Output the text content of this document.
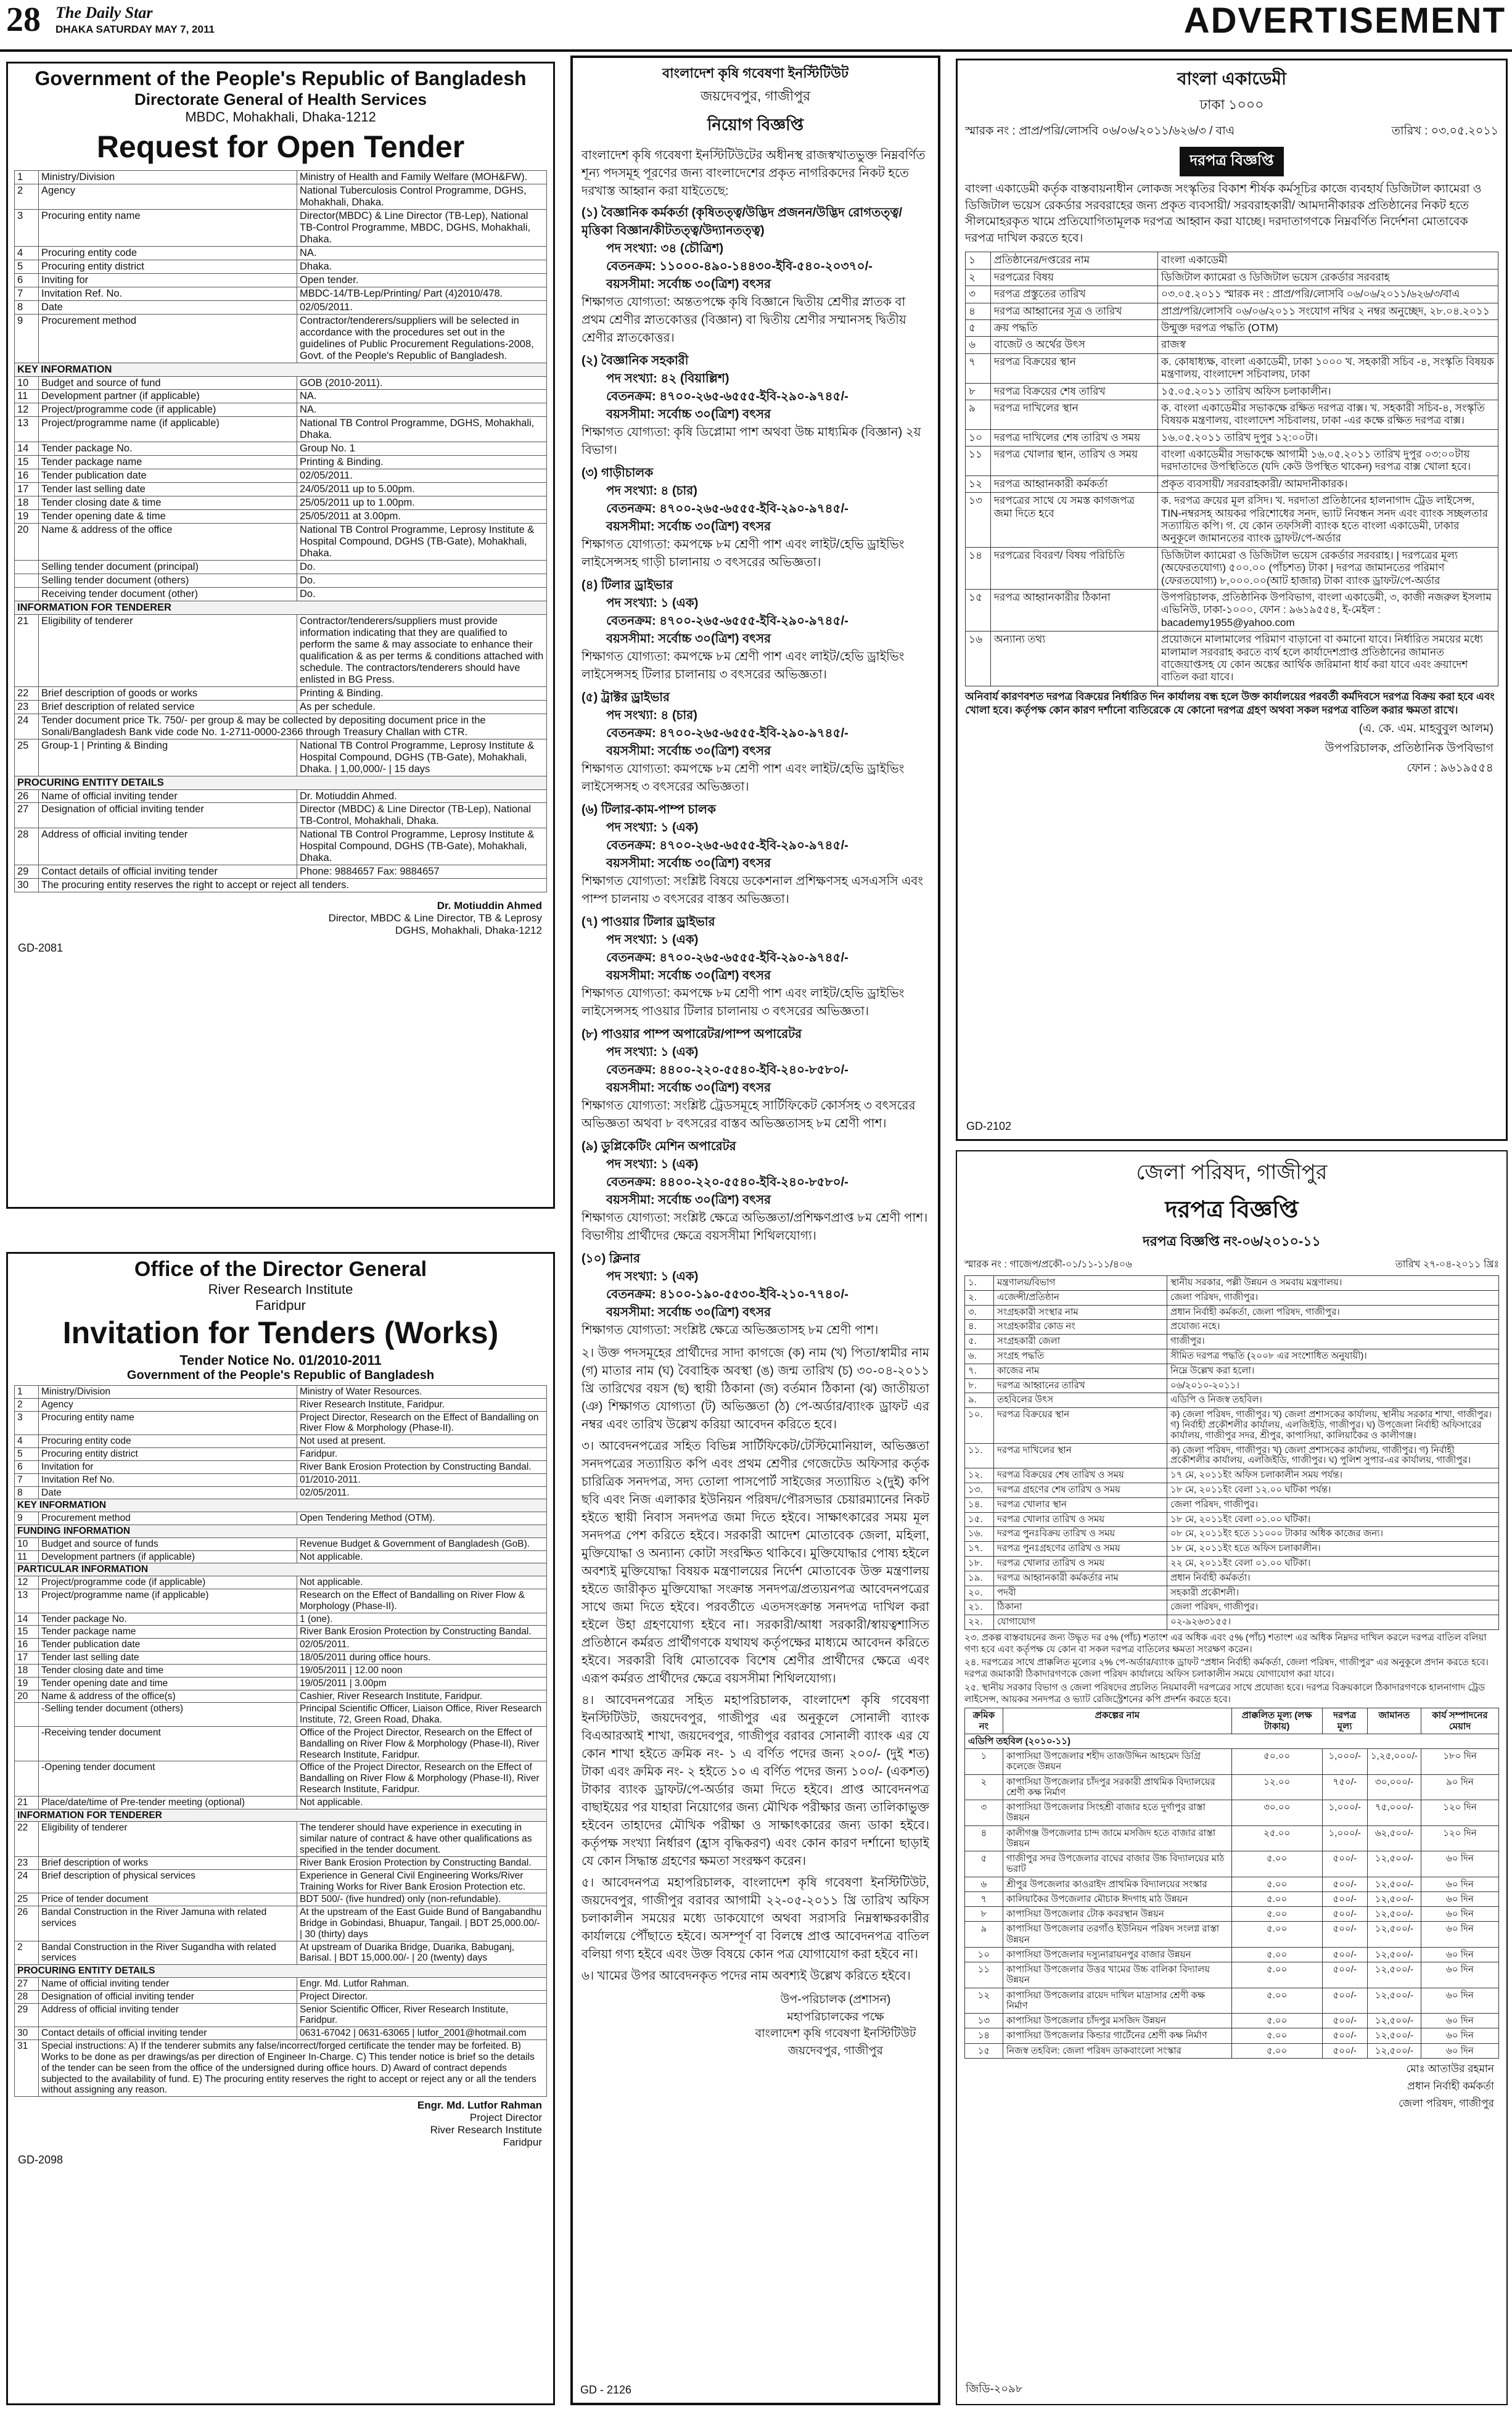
28 The Daily Star
DHAKA SATURDAY MAY 7, 2011	ADVERTISEMENT
Government of the People's Republic of Bangladesh
Directorate General of Health Services
MBDC, Mohakhali, Dhaka-1212
Request for Open Tender
1	Ministry/Division	Ministry of Health and Family Welfare (MOH&FW).
2	Agency	National Tuberculosis Control Programme, DGHS, Mohakhali, Dhaka.
3	Procuring entity name	Director(MBDC) & Line Director (TB-Lep), National TB-Control Programme, MBDC, DGHS, Mohakhali, Dhaka.
4	Procuring entity code	NA.
5	Procuring entity district	Dhaka.
6	Inviting for	Open tender.
7	Invitation Ref. No.	MBDC-14/TB-Lep/Printing/ Part (4)2010/478.
8	Date	02/05/2011.
9	Procurement method	Contractor/tenderers/suppliers will be selected in accordance with the procedures set out in the guidelines of Public Procurement Regulations-2008, Govt. of the People's Republic of Bangladesh.
KEY INFORMATION		
10	Budget and source of fund	GOB (2010-2011).
11	Development partner (if applicable)	NA.
12	Project/programme code (if applicable)	NA.
13	Project/programme name (if applicable)	National TB Control Programme, DGHS, Mohakhali, Dhaka.
14	Tender package No.	Group No. 1
15	Tender package name	Printing & Binding.
16	Tender publication date	02/05/2011.
17	Tender last selling date	24/05/2011 up to 5.00pm.
18	Tender closing date & time	25/05/2011 up to 1.00pm.
19	Tender opening date & time	25/05/2011 at 3.00pm.
20	Name & address of the office	National TB Control Programme, Leprosy Institute & Hospital Compound, DGHS (TB-Gate), Mohakhali, Dhaka.
	Selling tender document (principal)	Do.
	Selling tender document (others)	Do.
	Receiving tender document (other)	Do.
INFORMATION FOR TENDERER		
21	Eligibility of tenderer	Contractor/tenderers/suppliers must provide information indicating that they are qualified to perform the same & may associate to enhance their qualification & as per terms & conditions attached with schedule. The contractors/tenderers should have enlisted in BG Press.
22	Brief description of goods or works	Printing & Binding.
23	Brief description of related service	As per schedule.
24	Tender document price Tk. 750/- per group & may be collected by depositing document price in the Sonali/Bangladesh Bank vide code No. 1-2711-0000-2366 through Treasury Challan with CTR.	
25	Group-1 | Printing & Binding	National TB Control Programme, Leprosy Institute & Hospital Compound, DGHS (TB-Gate), Mohakhali, Dhaka. | 1,00,000/- | 15 days
PROCURING ENTITY DETAILS		
26	Name of official inviting tender	Dr. Motiuddin Ahmed.
27	Designation of official inviting tender	Director (MBDC) & Line Director (TB-Lep), National TB-Control, Mohakhali, Dhaka.
28	Address of official inviting tender	National TB Control Programme, Leprosy Institute & Hospital Compound, DGHS (TB-Gate), Mohakhali, Dhaka.
29	Contact details of official inviting tender	Phone: 9884657 Fax: 9884657
30	The procuring entity reserves the right to accept or reject all tenders.	
Dr. Motiuddin Ahmed
Director, MBDC & Line Director, TB & Leprosy
DGHS, Mohakhali, Dhaka-1212
GD-2081
Office of the Director General
River Research Institute
Faridpur
Invitation for Tenders (Works)
Tender Notice No. 01/2010-2011
Government of the People's Republic of Bangladesh
1	Ministry/Division	Ministry of Water Resources.
2	Agency	River Research Institute, Faridpur.
3	Procuring entity name	Project Director, Research on the Effect of Bandalling on River Flow & Morphology (Phase-II).
4	Procuring entity code	Not used at present.
5	Procuring entity district	Faridpur.
6	Invitation for	River Bank Erosion Protection by Constructing Bandal.
7	Invitation Ref No.	01/2010-2011.
8	Date	02/05/2011.
KEY INFORMATION		
9	Procurement method	Open Tendering Method (OTM).
FUNDING INFORMATION		
10	Budget and source of funds	Revenue Budget & Government of Bangladesh (GoB).
11	Development partners (if applicable)	Not applicable.
PARTICULAR INFORMATION		
12	Project/programme code (if applicable)	Not applicable.
13	Project/programme name (if applicable)	Research on the Effect of Bandalling on River Flow & Morphology (Phase-II).
14	Tender package No.	1 (one).
15	Tender package name	River Bank Erosion Protection by Constructing Bandal.
16	Tender publication date	02/05/2011.
17	Tender last selling date	18/05/2011 during office hours.
18	Tender closing date and time	19/05/2011 | 12.00 noon
19	Tender opening date and time	19/05/2011 | 3.00pm
20	Name & address of the office(s)	Cashier, River Research Institute, Faridpur.
	-Selling tender document (others)	Principal Scientific Officer, Liaison Office, River Research Institute, 72, Green Road, Dhaka.
	-Receiving tender document	Office of the Project Director, Research on the Effect of Bandalling on River Flow & Morphology (Phase-II), River Research Institute, Faridpur.
	-Opening tender document	Office of the Project Director, Research on the Effect of Bandalling on River Flow & Morphology (Phase-II), River Research Institute, Faridpur.
21	Place/date/time of Pre-tender meeting (optional)	Not applicable.
INFORMATION FOR TENDERER		
22	Eligibility of tenderer	The tenderer should have experience in executing in similar nature of contract & have other qualifications as specified in the tender document.
23	Brief description of works	River Bank Erosion Protection by Constructing Bandal.
24	Brief description of physical services	Experience in General Civil Engineering Works/River Training Works for River Bank Erosion Protection etc.
25	Price of tender document	BDT 500/- (five hundred) only (non-refundable).
26	Bandal Construction in the River Jamuna with related services	At the upstream of the East Guide Bund of Bangabandhu Bridge in Gobindasi, Bhuapur, Tangail. | BDT 25,000.00/- | 30 (thirty) days
2	Bandal Construction in the River Sugandha with related services	At upstream of Duarika Bridge, Duarika, Babuganj, Barisal. | BDT 15,000.00/- | 20 (twenty) days
PROCURING ENTITY DETAILS		
27	Name of official inviting tender	Engr. Md. Lutfor Rahman.
28	Designation of official inviting tender	Project Director.
29	Address of official inviting tender	Senior Scientific Officer, River Research Institute, Faridpur.
30	Contact details of official inviting tender	0631-67042 | 0631-63065 | lutfor_2001@hotmail.com
31	Special instructions: A) If the tenderer submits any false/incorrect/forged certificate the tender may be forfeited. B) Works to be done as per drawings/as per direction of Engineer In-Charge. C) This tender notice is brief so the details of the tender can be seen from the office of the undersigned during office hours. D) Award of contract depends subjected to the availability of fund. E) The procuring entity reserves the right to accept or reject any or all the tenders without assigning any reason.	
Engr. Md. Lutfor Rahman
Project Director
River Research Institute
Faridpur
GD-2098
বাংলাদেশ কৃষি গবেষণা ইনস্টিটিউট
জয়দেবপুর, গাজীপুর
নিয়োগ বিজ্ঞপ্তি

বাংলাদেশ কৃষি গবেষণা ইনস্টিটিউটের অধীনস্থ রাজস্বখাতভুক্ত নিম্নবর্ণিত শূন্য পদসমূহ পূরণের জন্য বাংলাদেশের প্রকৃত নাগরিকদের নিকট হতে দরখাস্ত আহ্বান করা যাইতেছে:

(১) বৈজ্ঞানিক কর্মকর্তা (কৃষিতত্ত্ব/উদ্ভিদ প্রজনন/উদ্ভিদ রোগতত্ত্ব/মৃত্তিকা বিজ্ঞান/কীটতত্ত্ব/উদ্যানতত্ত্ব)
পদ সংখ্যা: ৩৪ (চৌত্রিশ)
বেতনক্রম: ১১০০০-৪৯০-১৪৪৩০-ইবি-৫৪০-২০৩৭০/-
বয়সসীমা: সর্বোচ্চ ৩০(ত্রিশ) বৎসর
শিক্ষাগত যোগ্যতা: অন্ততপক্ষে কৃষি বিজ্ঞানে দ্বিতীয় শ্রেণীর স্নাতক বা প্রথম শ্রেণীর স্নাতকোত্তর (বিজ্ঞান) বা দ্বিতীয় শ্রেণীর সম্মানসহ দ্বিতীয় শ্রেণীর স্নাতকোত্তর।
(২) বৈজ্ঞানিক সহকারী
পদ সংখ্যা: ৪২ (বিয়াল্লিশ)
বেতনক্রম: ৪৭০০-২৬৫-৬৫৫৫-ইবি-২৯০-৯৭৪৫/-
বয়সসীমা: সর্বোচ্চ ৩০(ত্রিশ) বৎসর
শিক্ষাগত যোগ্যতা: কৃষি ডিপ্লোমা পাশ অথবা উচ্চ মাধ্যমিক (বিজ্ঞান) ২য় বিভাগ।
(৩) গাড়ীচালক
পদ সংখ্যা: ৪ (চার)
বেতনক্রম: ৪৭০০-২৬৫-৬৫৫৫-ইবি-২৯০-৯৭৪৫/-
বয়সসীমা: সর্বোচ্চ ৩০(ত্রিশ) বৎসর
শিক্ষাগত যোগ্যতা: কমপক্ষে ৮ম শ্রেণী পাশ এবং লাইট/হেভি ড্রাইভিং লাইসেন্সসহ গাড়ী চালানায় ৩ বৎসরের অভিজ্ঞতা।
(৪) টিলার ড্রাইভার
পদ সংখ্যা: ১ (এক)
বেতনক্রম: ৪৭০০-২৬৫-৬৫৫৫-ইবি-২৯০-৯৭৪৫/-
বয়সসীমা: সর্বোচ্চ ৩০(ত্রিশ) বৎসর
শিক্ষাগত যোগ্যতা: কমপক্ষে ৮ম শ্রেণী পাশ এবং লাইট/হেভি ড্রাইভিং লাইসেন্সসহ টিলার চালানায় ৩ বৎসরের অভিজ্ঞতা।
(৫) ট্রাক্টর ড্রাইভার
পদ সংখ্যা: ৪ (চার)
বেতনক্রম: ৪৭০০-২৬৫-৬৫৫৫-ইবি-২৯০-৯৭৪৫/-
বয়সসীমা: সর্বোচ্চ ৩০(ত্রিশ) বৎসর
শিক্ষাগত যোগ্যতা: কমপক্ষে ৮ম শ্রেণী পাশ এবং লাইট/হেভি ড্রাইভিং লাইসেন্সসহ ৩ বৎসরের অভিজ্ঞতা।
(৬) টিলার-কাম-পাম্প চালক
পদ সংখ্যা: ১ (এক)
বেতনক্রম: ৪৭০০-২৬৫-৬৫৫৫-ইবি-২৯০-৯৭৪৫/-
বয়সসীমা: সর্বোচ্চ ৩০(ত্রিশ) বৎসর
শিক্ষাগত যোগ্যতা: সংশ্লিষ্ট বিষয়ে ডকেশনাল প্রশিক্ষণসহ এসএসসি এবং পাম্প চালনায় ৩ বৎসরের বাস্তব অভিজ্ঞতা।
(৭) পাওয়ার টিলার ড্রাইভার
পদ সংখ্যা: ১ (এক)
বেতনক্রম: ৪৭০০-২৬৫-৬৫৫৫-ইবি-২৯০-৯৭৪৫/-
বয়সসীমা: সর্বোচ্চ ৩০(ত্রিশ) বৎসর
শিক্ষাগত যোগ্যতা: কমপক্ষে ৮ম শ্রেণী পাশ এবং লাইট/হেভি ড্রাইভিং লাইসেন্সসহ পাওয়ার টিলার চালানায় ৩ বৎসরের অভিজ্ঞতা।
(৮) পাওয়ার পাম্প অপারেটর/পাম্প অপারেটর
পদ সংখ্যা: ১ (এক)
বেতনক্রম: ৪৪০০-২২০-৫৫৪০-ইবি-২৪০-৮৫৮০/-
বয়সসীমা: সর্বোচ্চ ৩০(ত্রিশ) বৎসর
শিক্ষাগত যোগ্যতা: সংশ্লিষ্ট ট্রেডসমূহে সার্টিফিকেট কোর্সসহ ৩ বৎসরের অভিজ্ঞতা অথবা ৮ বৎসরের বাস্তব অভিজ্ঞতাসহ ৮ম শ্রেণী পাশ।
(৯) ডুপ্লিকেটিং মেশিন অপারেটর
পদ সংখ্যা: ১ (এক)
বেতনক্রম: ৪৪০০-২২০-৫৫৪০-ইবি-২৪০-৮৫৮০/-
বয়সসীমা: সর্বোচ্চ ৩০(ত্রিশ) বৎসর
শিক্ষাগত যোগ্যতা: সংশ্লিষ্ট ক্ষেত্রে অভিজ্ঞতা/প্রশিক্ষণপ্রাপ্ত ৮ম শ্রেণী পাশ। বিভাগীয় প্রার্থীদের ক্ষেত্রে বয়সসীমা শিথিলযোগ্য।
(১০) ক্লিনার
পদ সংখ্যা: ১ (এক)
বেতনক্রম: ৪১০০-১৯০-৫৫৩০-ইবি-২১০-৭৭৪০/-
বয়সসীমা: সর্বোচ্চ ৩০(ত্রিশ) বৎসর
শিক্ষাগত যোগ্যতা: সংশ্লিষ্ট ক্ষেত্রে অভিজ্ঞতাসহ ৮ম শ্রেণী পাশ।

২। উক্ত পদসমূহের প্রার্থীদের সাদা কাগজে (ক) নাম (খ) পিতা/স্বামীর নাম (গ) মাতার নাম (ঘ) বৈবাহিক অবস্থা (ঙ) জন্ম তারিখ (চ) ৩০-০৪-২০১১ খ্রি তারিখের বয়স (ছ) স্থায়ী ঠিকানা (জ) বর্তমান ঠিকানা (ঝ) জাতীয়তা (ঞ) শিক্ষাগত যোগ্যতা (ট) অভিজ্ঞতা (ঠ) পে-অর্ডার/ব্যাংক ড্রাফট এর নম্বর এবং তারিখ উল্লেখ করিয়া আবেদন করিতে হবে।

৩। আবেদনপত্রের সহিত বিভিন্ন সার্টিফিকেট/টেস্টিমোনিয়াল, অভিজ্ঞতা সনদপত্রের সত্যায়িত কপি এবং প্রথম শ্রেণীর গেজেটেড অফিসার কর্তৃক চারিত্রিক সনদপত্র, সদ্য তোলা পাসপোর্ট সাইজের সত্যায়িত ২(দুই) কপি ছবি এবং নিজ এলাকার ইউনিয়ন পরিষদ/পৌরসভার চেয়ারম্যানের নিকট হইতে স্থায়ী নিবাস সনদপত্র জমা দিতে হইবে। সাক্ষাৎকারের সময় মূল সনদপত্র পেশ করিতে হইবে। সরকারী আদেশ মোতাবেক জেলা, মহিলা, মুক্তিযোদ্ধা ও অন্যান্য কোটা সংরক্ষিত থাকিবে। মুক্তিযোদ্ধার পোষ্য হইলে অবশ্যই মুক্তিযোদ্ধা বিষয়ক মন্ত্রণালয়ের নির্দেশ মোতাবেক উক্ত মন্ত্রণালয় হইতে জারীকৃত মুক্তিযোদ্ধা সংক্রান্ত সনদপত্র/প্রত্যয়নপত্র আবেদনপত্রের সাথে জমা দিতে হইবে। পরবর্তীতে এতদসংক্রান্ত সনদপত্র দাখিল করা হইলে উহা গ্রহণযোগ্য হইবে না। সরকারী/আধা সরকারী/স্বায়ত্বশাসিত প্রতিষ্ঠানে কর্মরত প্রার্থীগণকে যথাযথ কর্তৃপক্ষের মাধ্যমে আবেদন করিতে হইবে। সরকারী বিধি মোতাবেক বিশেষ শ্রেণীর প্রার্থীদের ক্ষেত্রে এবং এরূপ কর্মরত প্রার্থীদের ক্ষেত্রে বয়সসীমা শিথিলযোগ্য।

৪। আবেদনপত্রের সহিত মহাপরিচালক, বাংলাদেশ কৃষি গবেষণা ইনস্টিটিউট, জয়দেবপুর, গাজীপুর এর অনুকূলে সোনালী ব্যাংক বিএআরআই শাখা, জয়দেবপুর, গাজীপুর বরাবর সোনালী ব্যাংক এর যে কোন শাখা হইতে ক্রমিক নং- ১ এ বর্ণিত পদের জন্য ২০০/- (দুই শত) টাকা এবং ক্রমিক নং- ২ হইতে ১০ এ বর্ণিত পদের জন্য ১০০/- (একশত) টাকার ব্যাংক ড্রাফট/পে-অর্ডার জমা দিতে হইবে। প্রাপ্ত আবেদনপত্র বাছাইয়ের পর যাহারা নিয়োগের জন্য মৌখিক পরীক্ষার জন্য তালিকাভুক্ত হইবেন তাহাদের মৌখিক পরীক্ষা ও সাক্ষাৎকারের জন্য ডাকা হইবে। কর্তৃপক্ষ সংখ্যা নির্ধারণ (হ্রাস বৃদ্ধিকরণ) এবং কোন কারণ দর্শানো ছাড়াই যে কোন সিদ্ধান্ত গ্রহণের ক্ষমতা সংরক্ষণ করেন।

৫। আবেদনপত্র মহাপরিচালক, বাংলাদেশ কৃষি গবেষণা ইনস্টিটিউট, জয়দেবপুর, গাজীপুর বরাবর আগামী ২২-০৫-২০১১ খ্রি তারিখ অফিস চলাকালীন সময়ের মধ্যে ডাকযোগে অথবা সরাসরি নিম্নস্বাক্ষরকারীর কার্যালয়ে পৌঁছাতে হইবে। অসম্পূর্ণ বা বিলম্বে প্রাপ্ত আবেদনপত্র বাতিল বলিয়া গণ্য হইবে এবং উক্ত বিষয়ে কোন পত্র যোগাযোগ করা হইবে না।

৬। খামের উপর আবেদনকৃত পদের নাম অবশ্যই উল্লেখ করিতে হইবে।

উপ-পরিচালক (প্রশাসন)
মহাপরিচালকের পক্ষে
বাংলাদেশ কৃষি গবেষণা ইনস্টিটিউট
জয়দেবপুর, গাজীপুর
GD - 2126
বাংলা একাডেমী
ঢাকা ১০০০
স্মারক নং : প্রাপ্র/পরি/লোসবি ০৬/০৬/২০১১/৬২৬/৩ / বাএ	তারিখ : ০৩.০৫.২০১১
দরপত্র বিজ্ঞপ্তি
বাংলা একাডেমী কর্তৃক বাস্তবায়নাধীন লোকজ সংস্কৃতির বিকাশ শীর্ষক কর্মসূচির কাজে ব্যবহার্য ডিজিটাল ক্যামেরা ও ডিজিটাল ভয়েস রেকর্ডার সরবরাহের জন্য প্রকৃত ব্যবসায়ী/ সরবরাহকারী/ আমদানীকারক প্রতিষ্ঠানের নিকট হতে সীলমোহরকৃত খামে প্রতিযোগিতামূলক দরপত্র আহ্বান করা যাচ্ছে। দরদাতাগণকে নিম্নবর্ণিত নির্দেশনা মোতাবেক দরপত্র দাখিল করতে হবে।
১	প্রতিষ্ঠানের/দপ্তরের নাম	বাংলা একাডেমী
২	দরপত্রের বিষয়	ডিজিটাল ক্যামেরা ও ডিজিটাল ভয়েস রেকর্ডার সরবরাহ
৩	দরপত্র প্রস্তুতের তারিখ	০৩.০৫.২০১১ স্মারক নং : প্রাপ্র/পরি/লোসবি ০৬/০৬/২০১১/৬২৬/৩/বাএ
৪	দরপত্র আহ্বানের সূত্র ও তারিখ	প্রাপ্র/পরি/লোসবি ০৬/০৬/২০১১ সংযোগ নথির ২ নম্বর অনুচ্ছেদ, ২৮.০৪.২০১১
৫	ক্রয় পদ্ধতি	উন্মুক্ত দরপত্র পদ্ধতি (OTM)
৬	বাজেট ও অর্থের উৎস	রাজস্ব
৭	দরপত্র বিক্রয়ের স্থান	ক. কোষাধ্যক্ষ, বাংলা একাডেমী, ঢাকা ১০০০ খ. সহকারী সচিব -৪, সংস্কৃতি বিষয়ক মন্ত্রণালয়, বাংলাদেশ সচিবালয়, ঢাকা
৮	দরপত্র বিক্রয়ের শেষ তারিখ	১৫.০৫.২০১১ তারিখ অফিস চলাকালীন।
৯	দরপত্র দাখিলের স্থান	ক. বাংলা একাডেমীর সভাকক্ষে রক্ষিত দরপত্র বাক্স। খ. সহকারী সচিব-৪, সংস্কৃতি বিষয়ক মন্ত্রণালয়, বাংলাদেশ সচিবালয়, ঢাকা -এর কক্ষে রক্ষিত দরপত্র বাক্স।
১০	দরপত্র দাখিলের শেষ তারিখ ও সময়	১৬.০৫.২০১১ তারিখ দুপুর ১২:০০টা।
১১	দরপত্র খোলার স্থান, তারিখ ও সময়	বাংলা একাডেমীর সভাকক্ষে আগামী ১৬.০৫.২০১১ তারিখ দুপুর ০৩:০০টায় দরদাতাদের উপস্থিতিতে (যদি কেউ উপস্থিত থাকেন) দরপত্র বাক্স খোলা হবে।
১২	দরপত্র আহ্বানকারী কর্মকর্তা	প্রকৃত ব্যবসায়ী/ সরবরাহকারী/ আমদানীকারক।
১৩	দরপত্রের সাথে যে সমস্ত কাগজপত্র জমা দিতে হবে	ক. দরপত্র ক্রয়ের মূল রসিদ। খ. দরদাতা প্রতিষ্ঠানের হালনাগাদ ট্রেড লাইসেন্স, TIN-নম্বরসহ আয়কর পরিশোধের সনদ, ভ্যাট নিবন্ধন সনদ এবং ব্যাংক সচ্ছলতার সত্যায়িত কপি। গ. যে কোন তফসিলী ব্যাংক হতে বাংলা একাডেমী, ঢাকার অনুকূলে জামানতের ব্যাংক ড্রাফট/পে-অর্ডার
১৪	দরপত্রের বিবরণ/ বিষয় পরিচিতি	ডিজিটাল ক্যামেরা ও ডিজিটাল ভয়েস রেকর্ডার সরবরাহ। | দরপত্রের মূল্য (অফেরতযোগ্য) ৫০০.০০ (পাঁচশত) টাকা | দরপত্র জামানতের পরিমাণ (ফেরতযোগ্য) ৮,০০০.০০(আট হাজার) টাকা ব্যাংক ড্রাফট/পে-অর্ডার
১৫	দরপত্র আহ্বানকারীর ঠিকানা	উপপরিচালক, প্রতিষ্ঠানিক উপবিভাগ, বাংলা একাডেমী, ৩, কাজী নজরুল ইসলাম এভিনিউ, ঢাকা-১০০০, ফোন : ৯৬১৯৫৫৪, ই-মেইল : bacademy1955@yahoo.com
১৬	অন্যান্য তথ্য	প্রয়োজনে মালামালের পরিমাণ বাড়ানো বা কমানো যাবে। নির্ধারিত সময়ের মধ্যে মালামাল সরবরাহ করতে ব্যর্থ হলে কার্যাদেশপ্রাপ্ত প্রতিষ্ঠানের জামানত বাজেয়াপ্তসহ যে কোন অঙ্কের আর্থিক জরিমানা ধার্য করা যাবে এবং ক্রয়াদেশ বাতিল করা যাবে।
অনিবার্য কারণবশত দরপত্র বিক্রয়ের নির্ধারিত দিন কার্যালয় বন্ধ হলে উক্ত কার্যালয়ের পরবর্তী কর্মদিবসে দরপত্র বিক্রয় করা হবে এবং খোলা হবে। কর্তৃপক্ষ কোন কারণ দর্শানো ব্যতিরেকে যে কোনো দরপত্র গ্রহণ অথবা সকল দরপত্র বাতিল করার ক্ষমতা রাখে।
(এ. কে. এম. মাহবুবুল আলম)
উপপরিচালক, প্রতিষ্ঠানিক উপবিভাগ
ফোন : ৯৬১৯৫৫৪
GD-2102
জেলা পরিষদ, গাজীপুর
দরপত্র বিজ্ঞপ্তি
দরপত্র বিজ্ঞপ্তি নং-০৬/২০১০-১১
স্মারক নং : গাজেপ/প্রকৌ-০১/১১-১১/৪০৬	তারিখ ২৭-০৪-২০১১ খ্রিঃ
১.	মন্ত্রণালয়/বিভাগ	স্থানীয় সরকার, পল্লী উন্নয়ন ও সমবায় মন্ত্রণালয়।
২.	এজেন্সী/প্রতিষ্ঠান	জেলা পরিষদ, গাজীপুর।
৩.	সংগ্রহকারী সংস্থার নাম	প্রধান নির্বাহী কর্মকর্তা, জেলা পরিষদ, গাজীপুর।
৪.	সংগ্রহকারীর কোড নং	প্রযোজ্য নহে।
৫.	সংগ্রহকারী জেলা	গাজীপুর।
৬.	সংগ্রহ পদ্ধতি	সীমিত দরপত্র পদ্ধতি (২০০৮ এর সংশোধিত অনুযায়ী)।
৭.	কাজের নাম	নিম্নে উল্লেখ করা হলো।
৮.	দরপত্র আহ্বানের তারিখ	০৬/২০১০-২০১১।
৯.	তহবিলের উৎস	এডিপি ও নিজস্ব তহবিল।
১০.	দরপত্র বিক্রয়ের স্থান	ক) জেলা পরিষদ, গাজীপুর। খ) জেলা প্রশাসকের কার্যালয়, স্থানীয় সরকার শাখা, গাজীপুর। গ) নির্বাহী প্রকৌশলীর কার্যালয়, এলজিইডি, গাজীপুর। ঘ) উপজেলা নির্বাহী অফিসারের কার্যালয়, গাজীপুর সদর, শ্রীপুর, কাপাসিয়া, কালিয়াকৈর ও কালীগঞ্জ।
১১.	দরপত্র দাখিলের স্থান	ক) জেলা পরিষদ, গাজীপুর। খ) জেলা প্রশাসকের কার্যালয়, গাজীপুর। গ) নির্বাহী প্রকৌশলীর কার্যালয়, এলজিইডি, গাজীপুর। ঘ) পুলিশ সুপার-এর কার্যালয়, গাজীপুর।
১২.	দরপত্র বিক্রয়ের শেষ তারিখ ও সময়	১৭ মে, ২০১১ইং অফিস চলাকালীন সময় পর্যন্ত।
১৩.	দরপত্র গ্রহণের শেষ তারিখ ও সময়	১৮ মে, ২০১১ইং বেলা ১২.০০ ঘটিকা পর্যন্ত।
১৪.	দরপত্র খোলার স্থান	জেলা পরিষদ, গাজীপুর।
১৫.	দরপত্র খোলার তারিখ ও সময়	১৮ মে, ২০১১ইং বেলা ০১.০০ ঘটিকা।
১৬.	দরপত্র পুনঃবিক্রয় তারিখ ও সময়	০৮ মে, ২০১১ইং হতে ১১০০০ টাকার অধিক কাজের জন্য।
১৭.	দরপত্র পুনঃগ্রহণের তারিখ ও সময়	১৮ মে, ২০১১ইং হতে অফিস চলাকালীন।
১৮.	দরপত্র খোলার তারিখ ও সময়	২২ মে, ২০১১ইং বেলা ০১.০০ ঘটিকা।
১৯.	দরপত্র আহ্বানকারী কর্মকর্তার নাম	প্রধান নির্বাহী কর্মকর্তা।
২০.	পদবী	সহকারী প্রকৌশলী।
২১.	ঠিকানা	জেলা পরিষদ, গাজীপুর।
২২.	যোগাযোগ	০২-৯২৬৩১৫৫।
২৩. প্রকল্প বাস্তবায়নের জন্য উদ্ধৃত দর ৫% (পাঁচ) শতাংশ এর অধিক এবং ৫% (পাঁচ) শতাংশ এর অধিক নিম্নদর দাখিল করলে দরপত্র বাতিল বলিয়া গণ্য হবে এবং কর্তৃপক্ষ যে কোন বা সকল দরপত্র বাতিলের ক্ষমতা সংরক্ষণ করেন।
২৪. দরপত্রের সাথে প্রাক্কলিত মূল্যের ২% পে-অর্ডার/ব্যাংক ড্রাফট "প্রধান নির্বাহী কর্মকর্তা, জেলা পরিষদ, গাজীপুর" এর অনুকূলে প্রদান করতে হবে। দরপত্র জমাকারী ঠিকাদারগণকে জেলা পরিষদ কার্যালয়ে অফিস চলাকালীন সময়ে যোগাযোগ করা যাবে।
২৫. স্থানীয় সরকার বিভাগ ও জেলা পরিষদের প্রচলিত নিয়মাবলী দরপত্রের সাথে প্রযোজ্য হবে। দরপত্র বিক্রয়কালে ঠিকাদারগণকে হালনাগাদ ট্রেড লাইসেন্স, আয়কর সনদপত্র ও ভ্যাট রেজিস্ট্রেশনের কপি প্রদর্শন করতে হবে।
ক্রমিক নং	প্রকল্পের নাম	প্রাক্কলিত মূল্য (লক্ষ টাকায়)	দরপত্র মূল্য	জামানত	কার্য সম্পাদনের মেয়াদ
এডিপি তহবিল (২০১০-১১)					
১	কাপাসিয়া উপজেলার শহীদ তাজউদ্দিন আহমেদ ডিগ্রি কলেজে উন্নয়ন	৫০.০০	১,০০০/-	১,২৫,০০০/-	১৮০ দিন
২	কাপাসিয়া উপজেলার চাঁদপুর সরকারী প্রাথমিক বিদ্যালয়ের শ্রেণী কক্ষ নির্মাণ	১২.০০	৭৫০/-	৩০,০০০/-	৯০ দিন
৩	কাপাসিয়া উপজেলার সিংহশ্রী বাজার হতে দুর্গাপুর রাস্তা উন্নয়ন	৩০.০০	১,০০০/-	৭৫,০০০/-	১২০ দিন
৪	কালীগঞ্জ উপজেলার চান্দ জামে মসজিদ হতে বাজার রাস্তা উন্নয়ন	২৫.০০	১,০০০/-	৬২,৫০০/-	১২০ দিন
৫	গাজীপুর সদর উপজেলার বাঘের বাজার উচ্চ বিদ্যালয়ের মাঠ ভরাট	৫.০০	৫০০/-	১২,৫০০/-	৬০ দিন
৬	শ্রীপুর উপজেলার কাওরাইদ প্রাথমিক বিদ্যালয়ের সংস্কার	৫.০০	৫০০/-	১২,৫০০/-	৬০ দিন
৭	কালিয়াকৈর উপজেলার মৌচাক ঈদগাহ মাঠ উন্নয়ন	৫.০০	৫০০/-	১২,৫০০/-	৬০ দিন
৮	কাপাসিয়া উপজেলার টোক কবরস্থান উন্নয়ন	৫.০০	৫০০/-	১২,৫০০/-	৬০ দিন
৯	কাপাসিয়া উপজেলার তরগাঁও ইউনিয়ন পরিষদ সংলগ্ন রাস্তা উন্নয়ন	৫.০০	৫০০/-	১২,৫০০/-	৬০ দিন
১০	কাপাসিয়া উপজেলার দস্যুনারায়নপুর বাজার উন্নয়ন	৫.০০	৫০০/-	১২,৫০০/-	৬০ দিন
১১	কাপাসিয়া উপজেলার উত্তর খামের উচ্চ বালিকা বিদ্যালয় উন্নয়ন	৫.০০	৫০০/-	১২,৫০০/-	৬০ দিন
১২	কাপাসিয়া উপজেলার রায়েদ দাখিল মাদ্রাসার শ্রেণী কক্ষ নির্মাণ	৫.০০	৫০০/-	১২,৫০০/-	৬০ দিন
১৩	কাপাসিয়া উপজেলার চাঁদপুর মসজিদ উন্নয়ন	৫.০০	৫০০/-	১২,৫০০/-	৬০ দিন
১৪	কাপাসিয়া উপজেলার কিন্ডার গার্টেনের শ্রেণী কক্ষ নির্মাণ	৫.০০	৫০০/-	১২,৫০০/-	৬০ দিন
১৫	নিজস্ব তহবিল: জেলা পরিষদ ডাকবাংলো সংস্কার	৫.০০	৫০০/-	১২,৫০০/-	৬০ দিন
মোঃ আতাউর রহমান
প্রধান নির্বাহী কর্মকর্তা
জেলা পরিষদ, গাজীপুর
জিডি-২০৯৮
